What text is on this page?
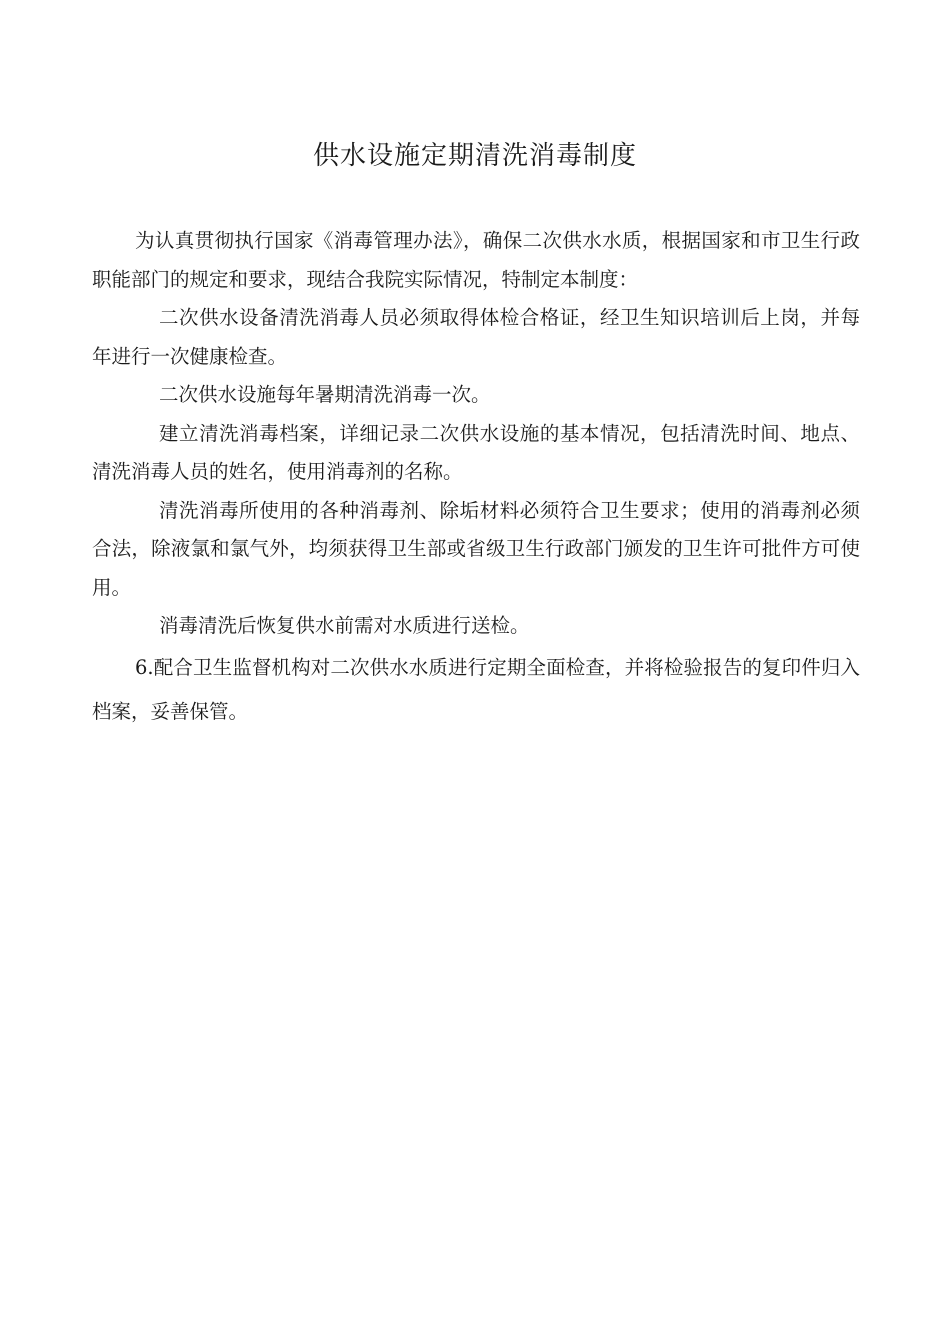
供水设施定期清洗消毒制度

为认真贯彻执行国家《消毒管理办法》，确保二次供水水质，根据国家和市卫生行政职能部门的规定和要求，现结合我院实际情况，特制定本制度：

二次供水设备清洗消毒人员必须取得体检合格证，经卫生知识培训后上岗，并每年进行一次健康检查。

二次供水设施每年暑期清洗消毒一次。

建立清洗消毒档案，详细记录二次供水设施的基本情况，包括清洗时间、地点、清洗消毒人员的姓名，使用消毒剂的名称。

清洗消毒所使用的各种消毒剂、除垢材料必须符合卫生要求；使用的消毒剂必须合法，除液氯和氯气外，均须获得卫生部或省级卫生行政部门颁发的卫生许可批件方可使用。

消毒清洗后恢复供水前需对水质进行送检。

6.配合卫生监督机构对二次供水水质进行定期全面检查，并将检验报告的复印件归入档案，妥善保管。
